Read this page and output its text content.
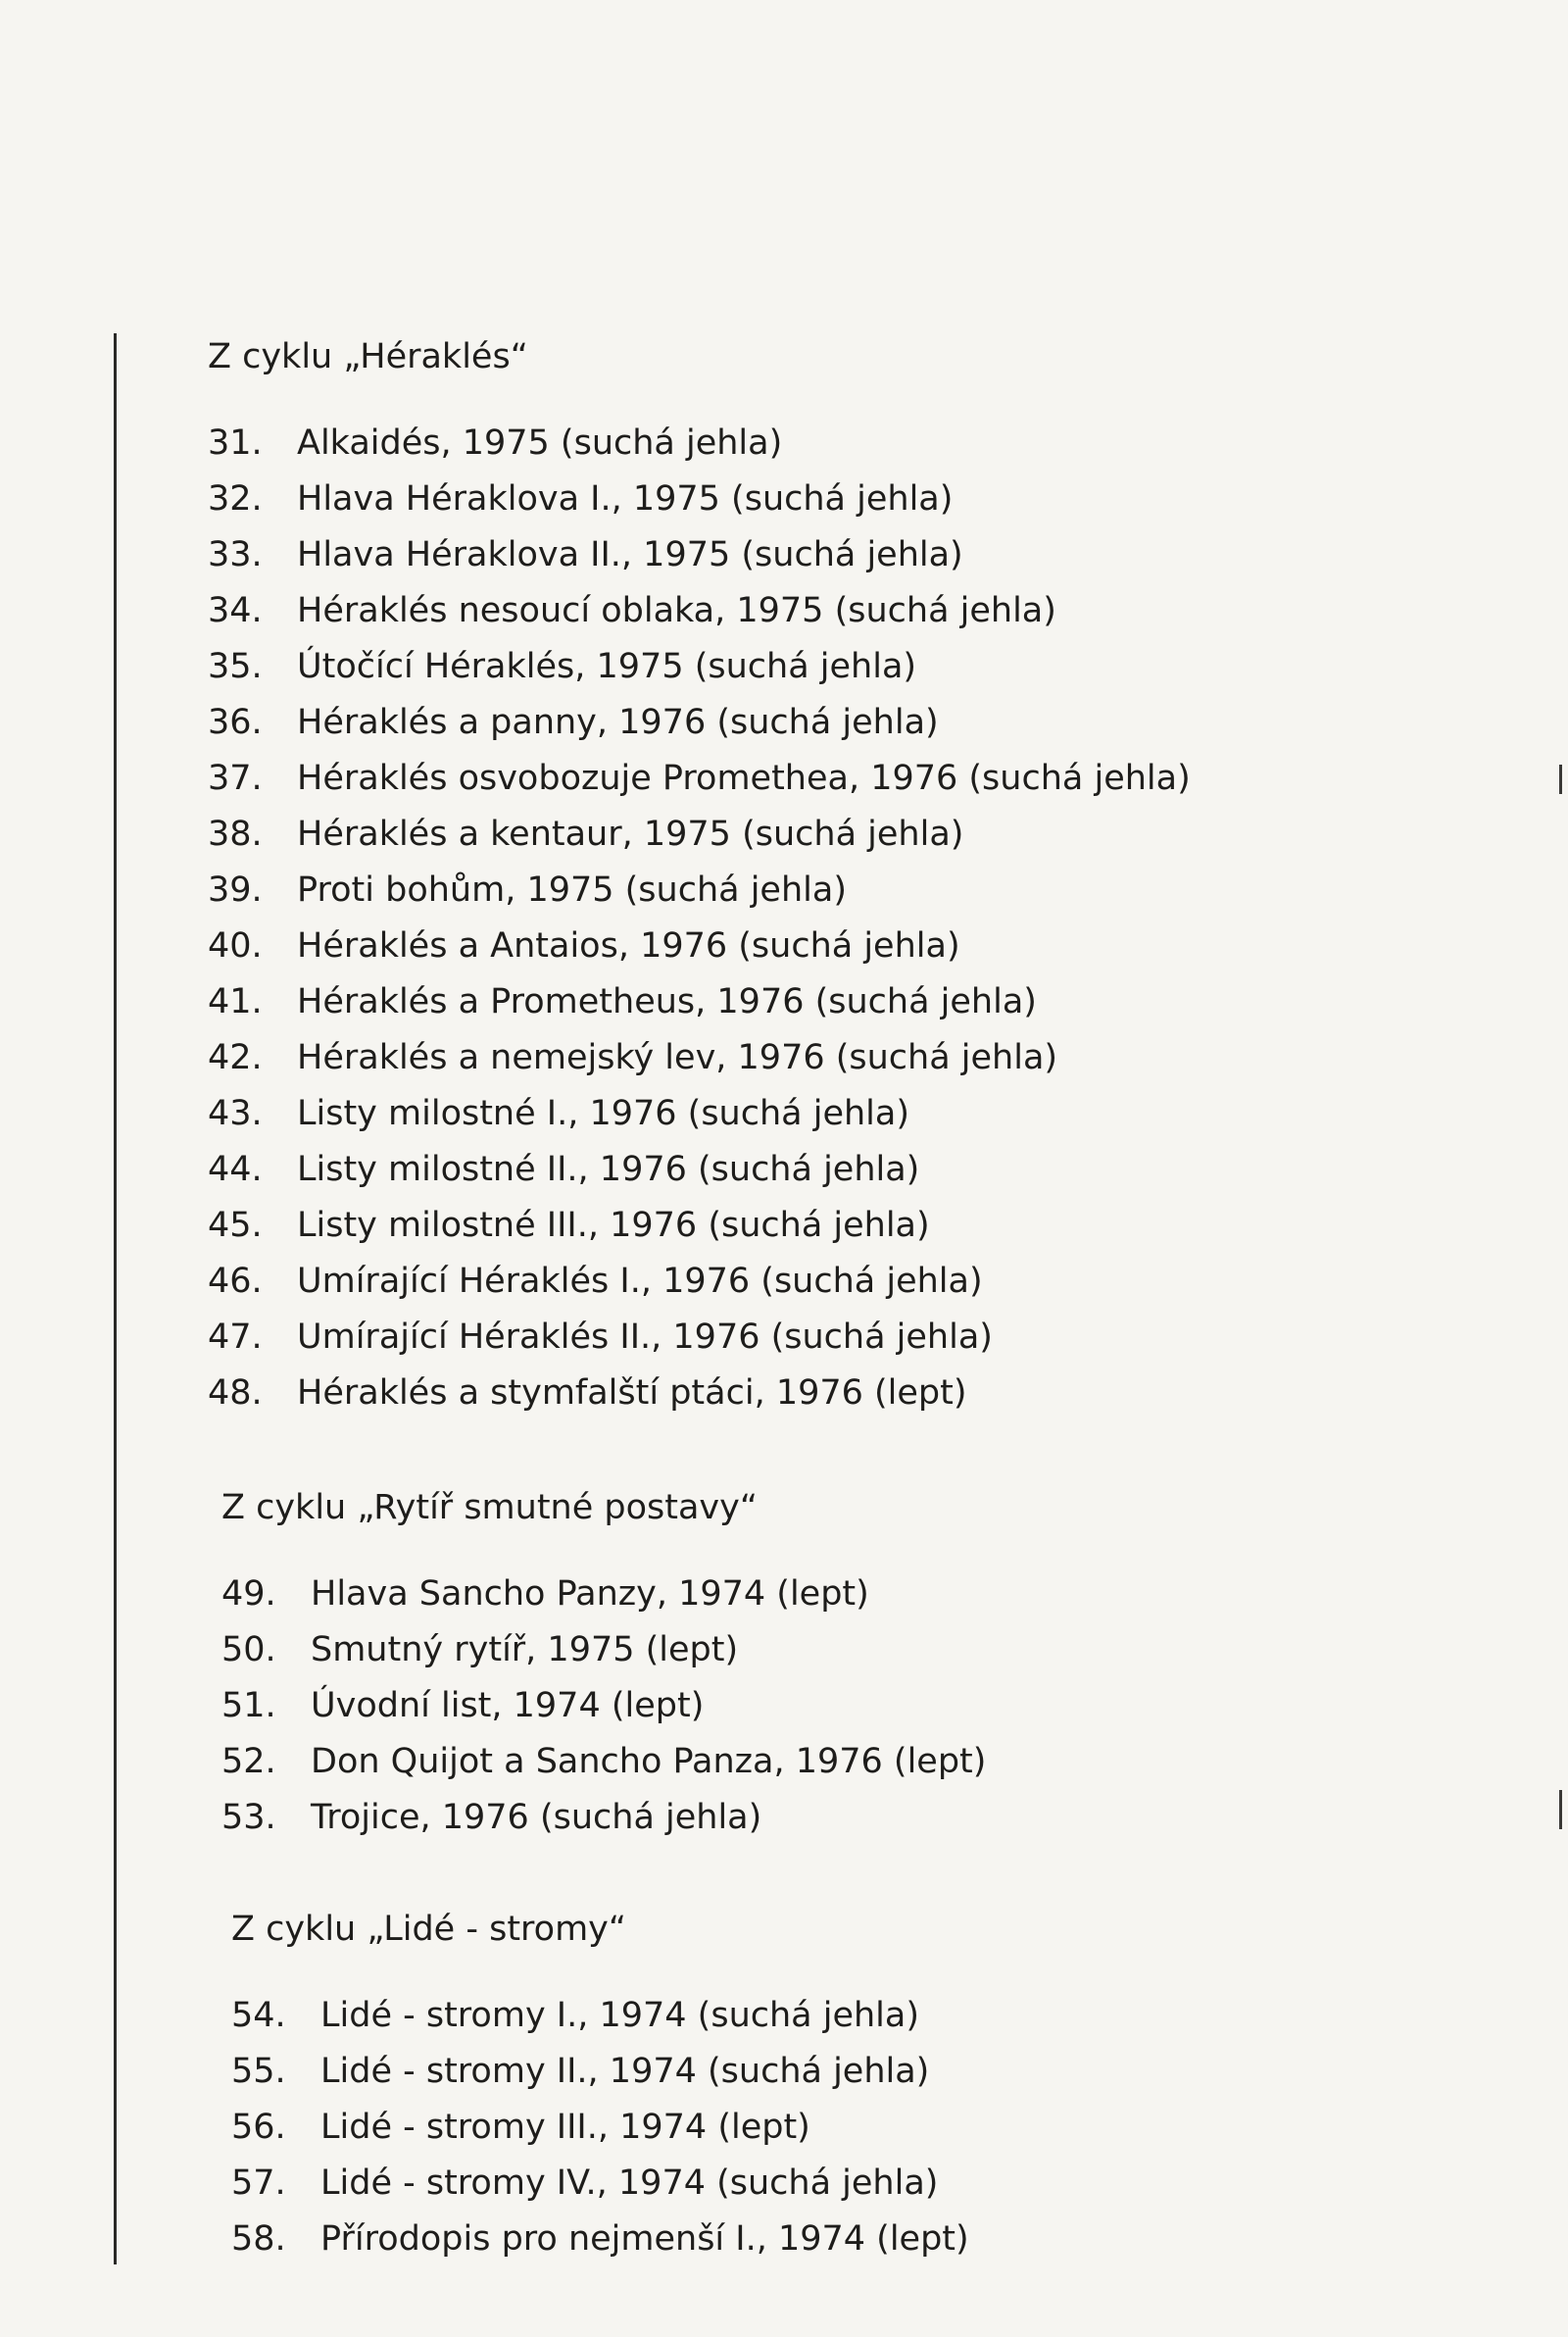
Z cyklu „Héraklés“
31.	Alkaidés, 1975 (suchá jehla)
32.	Hlava Héraklova I., 1975 (suchá jehla)
33.	Hlava Héraklova II., 1975 (suchá jehla)
34.	Héraklés nesoucí oblaka, 1975 (suchá jehla)
35.	Útočící Héraklés, 1975 (suchá jehla)
36.	Héraklés a panny, 1976 (suchá jehla)
37.	Héraklés osvobozuje Promethea, 1976 (suchá jehla)
38.	Héraklés a kentaur, 1975 (suchá jehla)
39.	Proti bohům, 1975 (suchá jehla)
40.	Héraklés a Antaios, 1976 (suchá jehla)
41.	Héraklés a Prometheus, 1976 (suchá jehla)
42.	Héraklés a nemejský lev, 1976 (suchá jehla)
43.	Listy milostné I., 1976 (suchá jehla)
44.	Listy milostné II., 1976 (suchá jehla)
45.	Listy milostné III., 1976 (suchá jehla)
46.	Umírající Héraklés I., 1976 (suchá jehla)
47.	Umírající Héraklés II., 1976 (suchá jehla)
48.	Héraklés a stymfalští ptáci, 1976 (lept)
Z cyklu „Rytíř smutné postavy“
49.	Hlava Sancho Panzy, 1974 (lept)
50.	Smutný rytíř, 1975 (lept)
51.	Úvodní list, 1974 (lept)
52.	Don Quijot a Sancho Panza, 1976 (lept)
53.	Trojice, 1976 (suchá jehla)
Z cyklu „Lidé - stromy“
54.	Lidé - stromy I., 1974 (suchá jehla)
55.	Lidé - stromy II., 1974 (suchá jehla)
56.	Lidé - stromy III., 1974 (lept)
57.	Lidé - stromy IV., 1974 (suchá jehla)
58.	Přírodopis pro nejmenší I., 1974 (lept)
